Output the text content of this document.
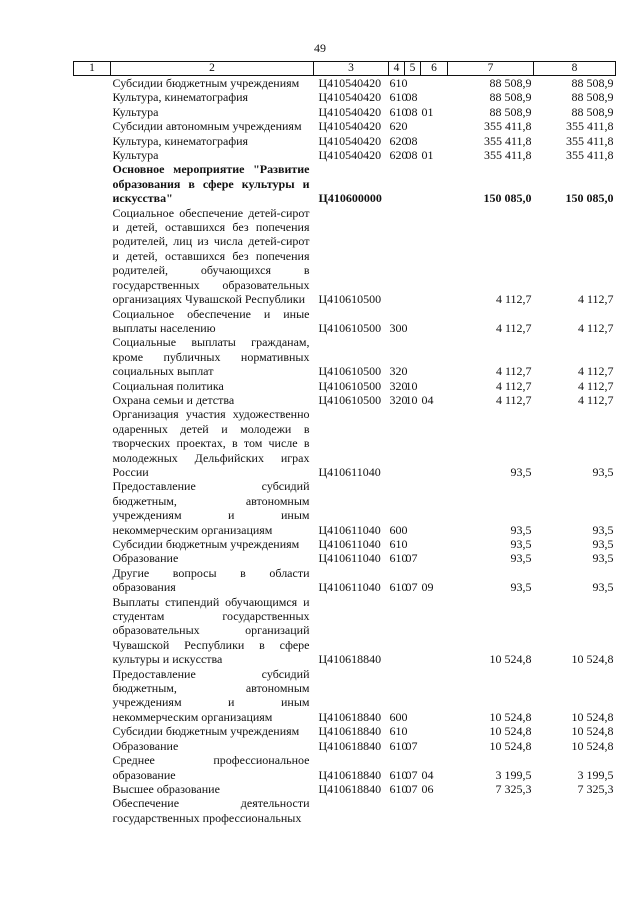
49
1	2	3	4	5	6	7	8
	Субсидии бюджетным учреждениям	Ц410540420	610			88 508,9	88 508,9
	Культура, кинематография	Ц410540420	610	08		88 508,9	88 508,9
	Культура	Ц410540420	610	08	01	88 508,9	88 508,9
	Субсидии автономным учреждениям	Ц410540420	620			355 411,8	355 411,8
	Культура, кинематография	Ц410540420	620	08		355 411,8	355 411,8
	Культура	Ц410540420	620	08	01	355 411,8	355 411,8
	Основное мероприятие "Развитие образования в сфере культуры и искусства"	Ц410600000				150 085,0	150 085,0
	Социальное обеспечение детей-сирот и детей, оставшихся без попечения родителей, лиц из числа детей-сирот и детей, оставшихся без попечения родителей, обучающихся в государственных образовательных организациях Чувашской Республики	Ц410610500				4 112,7	4 112,7
	Социальное обеспечение и иные выплаты населению	Ц410610500	300			4 112,7	4 112,7
	Социальные выплаты гражданам, кроме публичных нормативных социальных выплат	Ц410610500	320			4 112,7	4 112,7
	Социальная политика	Ц410610500	320	10		4 112,7	4 112,7
	Охрана семьи и детства	Ц410610500	320	10	04	4 112,7	4 112,7
	Организация участия художественно одаренных детей и молодежи в творческих проектах, в том числе в молодежных Дельфийских играх России	Ц410611040				93,5	93,5
	Предоставление субсидий бюджетным, автономным учреждениям и иным некоммерческим организациям	Ц410611040	600			93,5	93,5
	Субсидии бюджетным учреждениям	Ц410611040	610			93,5	93,5
	Образование	Ц410611040	610	07		93,5	93,5
	Другие вопросы в области образования	Ц410611040	610	07	09	93,5	93,5
	Выплаты стипендий обучающимся и студентам государственных образовательных организаций Чувашской Республики в сфере культуры и искусства	Ц410618840				10 524,8	10 524,8
	Предоставление субсидий бюджетным, автономным учреждениям и иным некоммерческим организациям	Ц410618840	600			10 524,8	10 524,8
	Субсидии бюджетным учреждениям	Ц410618840	610			10 524,8	10 524,8
	Образование	Ц410618840	610	07		10 524,8	10 524,8
	Среднее профессиональное образование	Ц410618840	610	07	04	3 199,5	3 199,5
	Высшее образование	Ц410618840	610	07	06	7 325,3	7 325,3
	Обеспечение деятельности государственных профессиональных						
